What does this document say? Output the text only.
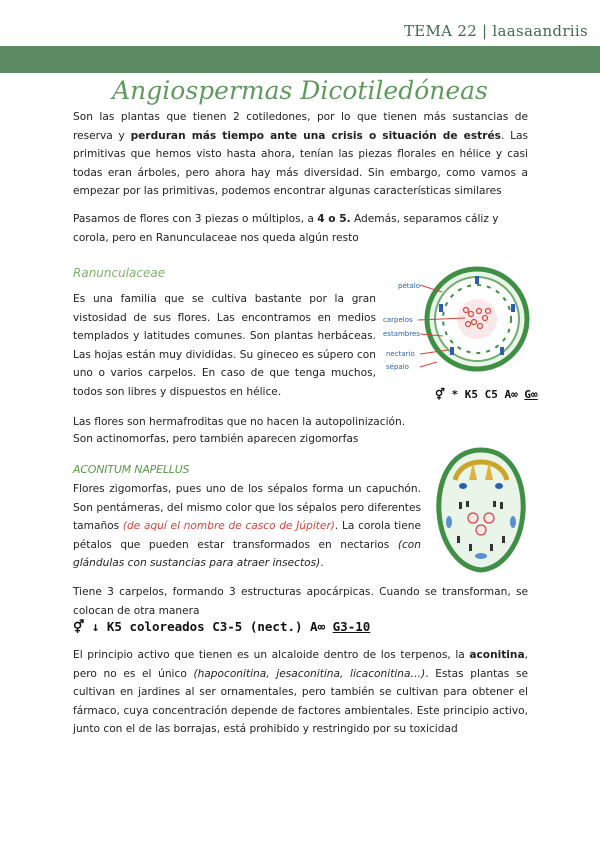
TEMA 22 | laasaandriis
Angiospermas Dicotiledóneas
Son las plantas que tienen 2 cotiledones, por lo que tienen más sustancias de reserva y perduran más tiempo ante una crisis o situación de estrés. Las primitivas que hemos visto hasta ahora, tenían las piezas florales en hélice y casi todas eran árboles, pero ahora hay más diversidad. Sin embargo, como vamos a empezar por las primitivas, podemos encontrar algunas características similares
Pasamos de flores con 3 piezas o múltiplos, a 4 o 5. Además, separamos cáliz y corola, pero en Ranunculaceae nos queda algún resto
Ranunculaceae
Es una familia que se cultiva bastante por la gran vistosidad de sus flores. Las encontramos en medios templados y latitudes comunes. Son plantas herbáceas. Las hojas están muy divididas. Su gineceo es súpero con uno o varios carpelos. En caso de que tenga muchos, todos son libres y dispuestos en hélice.
pétalo
carpelos
estambres
nectario
sépalo
⚥ * K5 C5 A∞ G∞
Las flores son hermafroditas que no hacen la autopolinización.
Son actinomorfas, pero también aparecen zigomorfas
ACONITUM NAPELLUS
Flores zigomorfas, pues uno de los sépalos forma un capuchón. Son pentámeras, del mismo color que los sépalos pero diferentes tamaños (de aquí el nombre de casco de Júpiter). La corola tiene pétalos que pueden estar transformados en nectarios (con glándulas con sustancias para atraer insectos).
Tiene 3 carpelos, formando 3 estructuras apocárpicas. Cuando se transforman, se colocan de otra manera
⚥ ↓ K5 coloreados C3-5 (nect.) A∞ G3-10
El principio activo que tienen es un alcaloide dentro de los terpenos, la aconitina, pero no es el único (hapoconitina, jesaconitina, licaconitina…). Estas plantas se cultivan en jardines al ser ornamentales, pero también se cultivan para obtener el fármaco, cuya concentración depende de factores ambientales. Este principio activo, junto con el de las borrajas, está prohibido y restringido por su toxicidad
